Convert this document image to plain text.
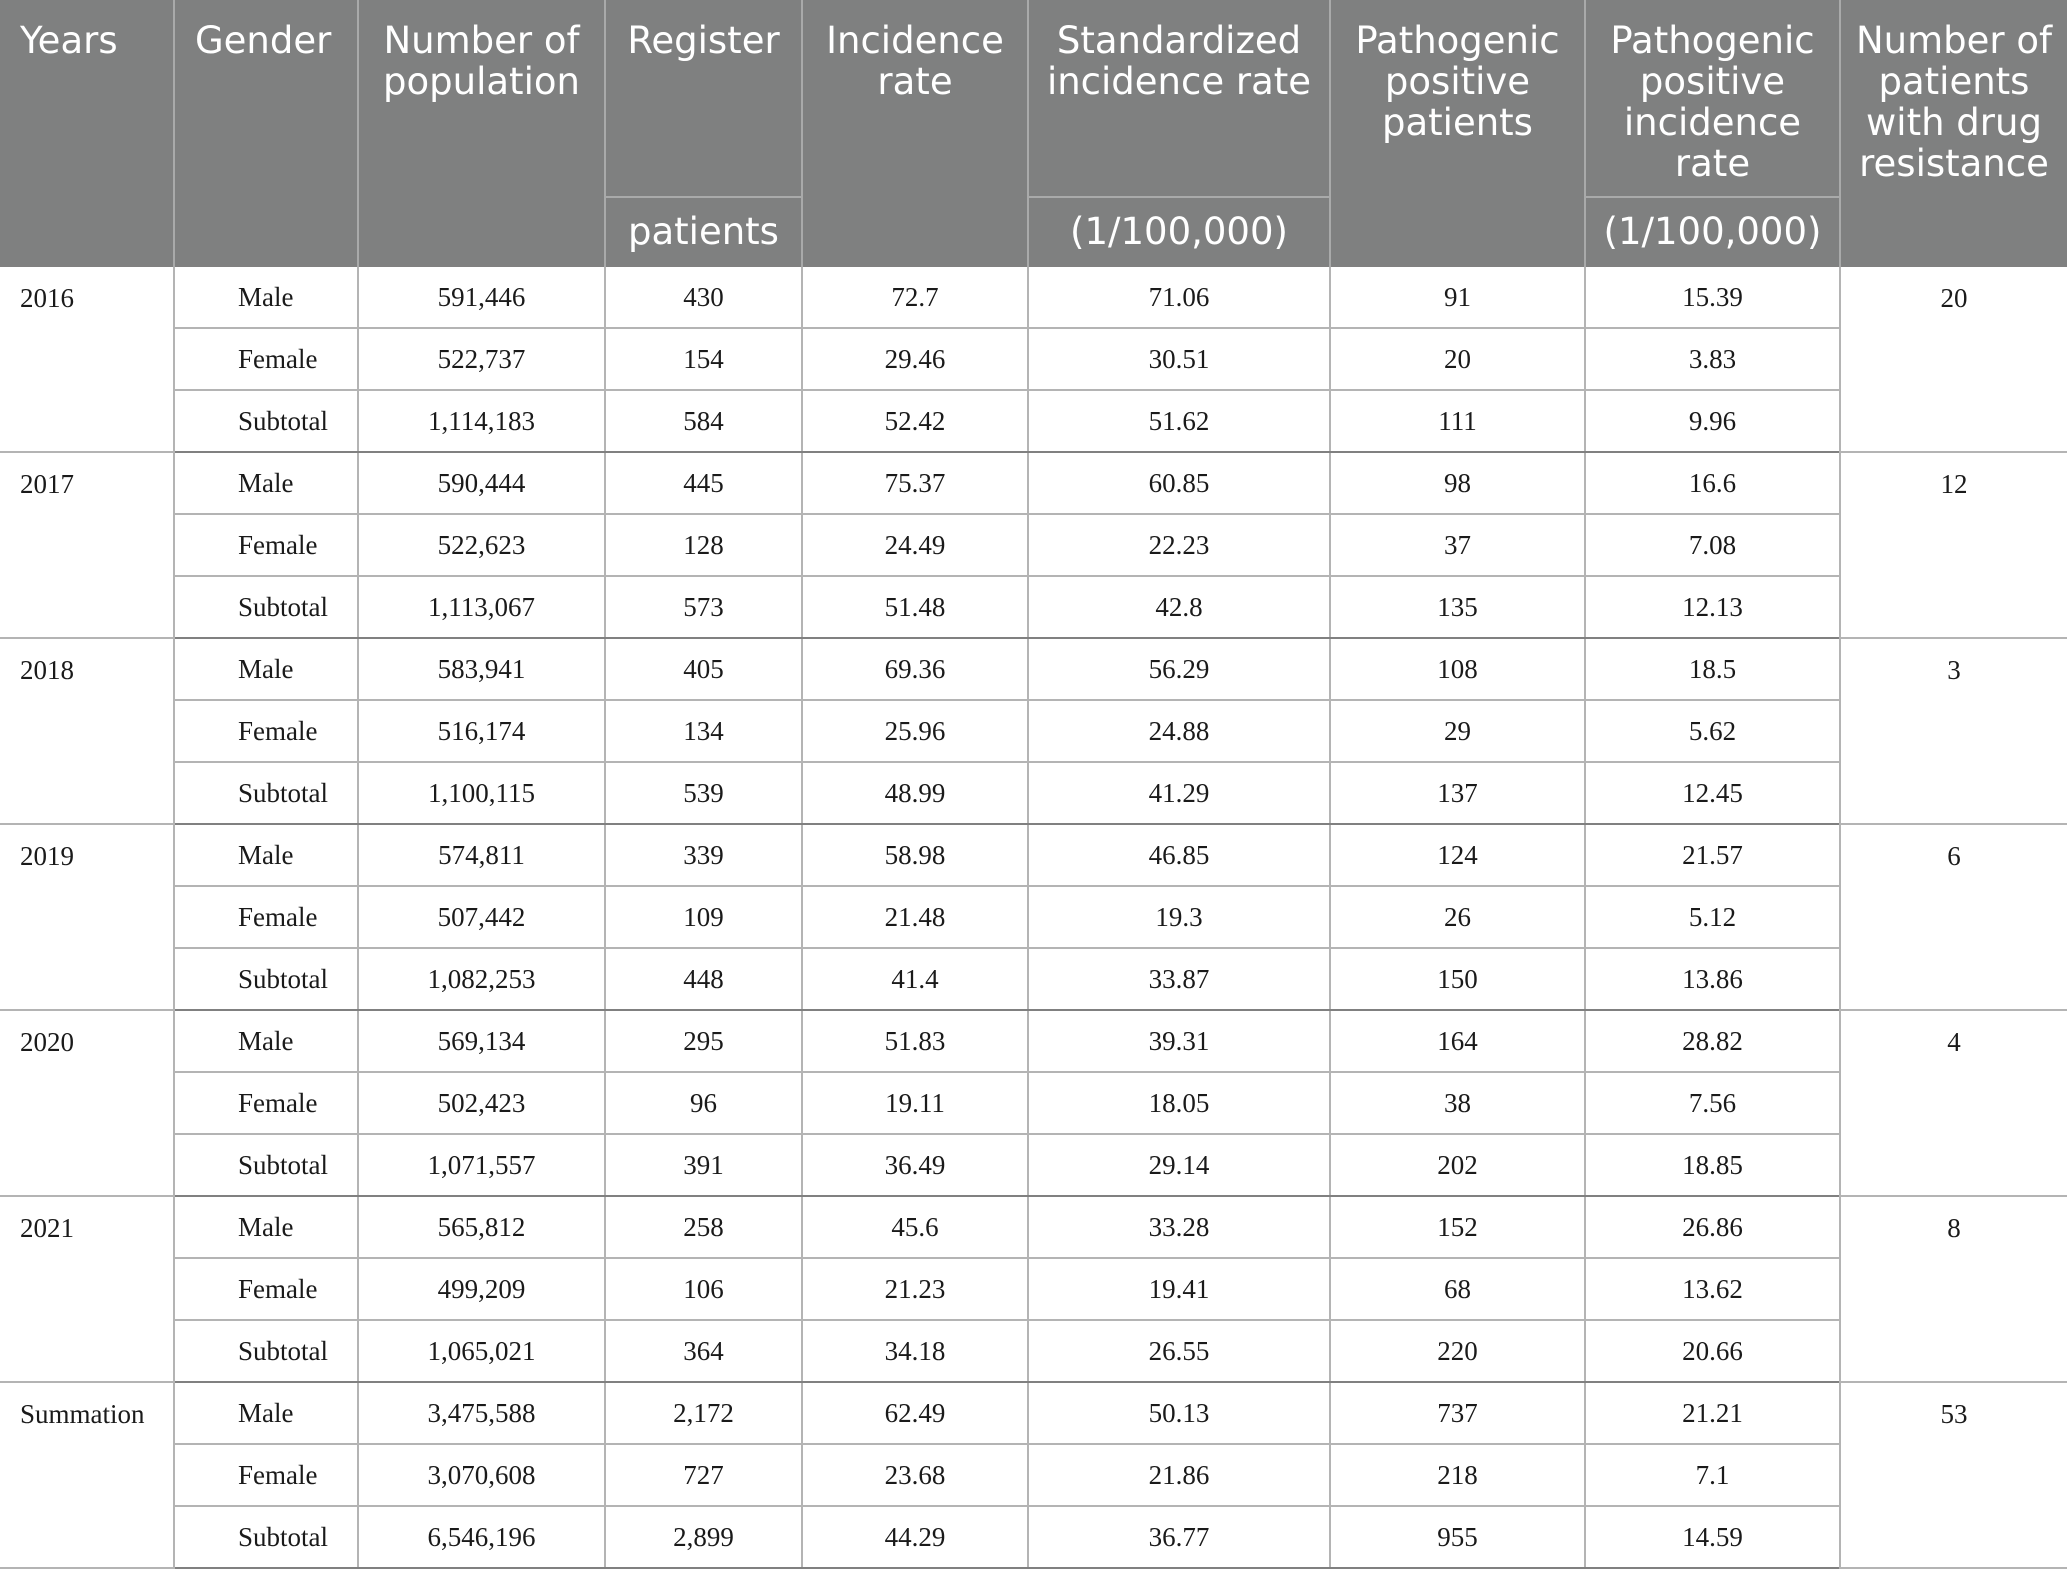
Years	Gender	Number of population	Register	Incidence rate	Standardized incidence rate	Pathogenic positive patients	Pathogenic positive incidence rate	Number of patients with drug resistance
			patients		(1/100,000)		(1/100,000)	
2016	Male	591,446	430	72.7	71.06	91	15.39	20
	Female	522,737	154	29.46	30.51	20	3.83	
	Subtotal	1,114,183	584	52.42	51.62	111	9.96	
2017	Male	590,444	445	75.37	60.85	98	16.6	12
	Female	522,623	128	24.49	22.23	37	7.08	
	Subtotal	1,113,067	573	51.48	42.8	135	12.13	
2018	Male	583,941	405	69.36	56.29	108	18.5	3
	Female	516,174	134	25.96	24.88	29	5.62	
	Subtotal	1,100,115	539	48.99	41.29	137	12.45	
2019	Male	574,811	339	58.98	46.85	124	21.57	6
	Female	507,442	109	21.48	19.3	26	5.12	
	Subtotal	1,082,253	448	41.4	33.87	150	13.86	
2020	Male	569,134	295	51.83	39.31	164	28.82	4
	Female	502,423	96	19.11	18.05	38	7.56	
	Subtotal	1,071,557	391	36.49	29.14	202	18.85	
2021	Male	565,812	258	45.6	33.28	152	26.86	8
	Female	499,209	106	21.23	19.41	68	13.62	
	Subtotal	1,065,021	364	34.18	26.55	220	20.66	
Summation	Male	3,475,588	2,172	62.49	50.13	737	21.21	53
	Female	3,070,608	727	23.68	21.86	218	7.1	
	Subtotal	6,546,196	2,899	44.29	36.77	955	14.59	
